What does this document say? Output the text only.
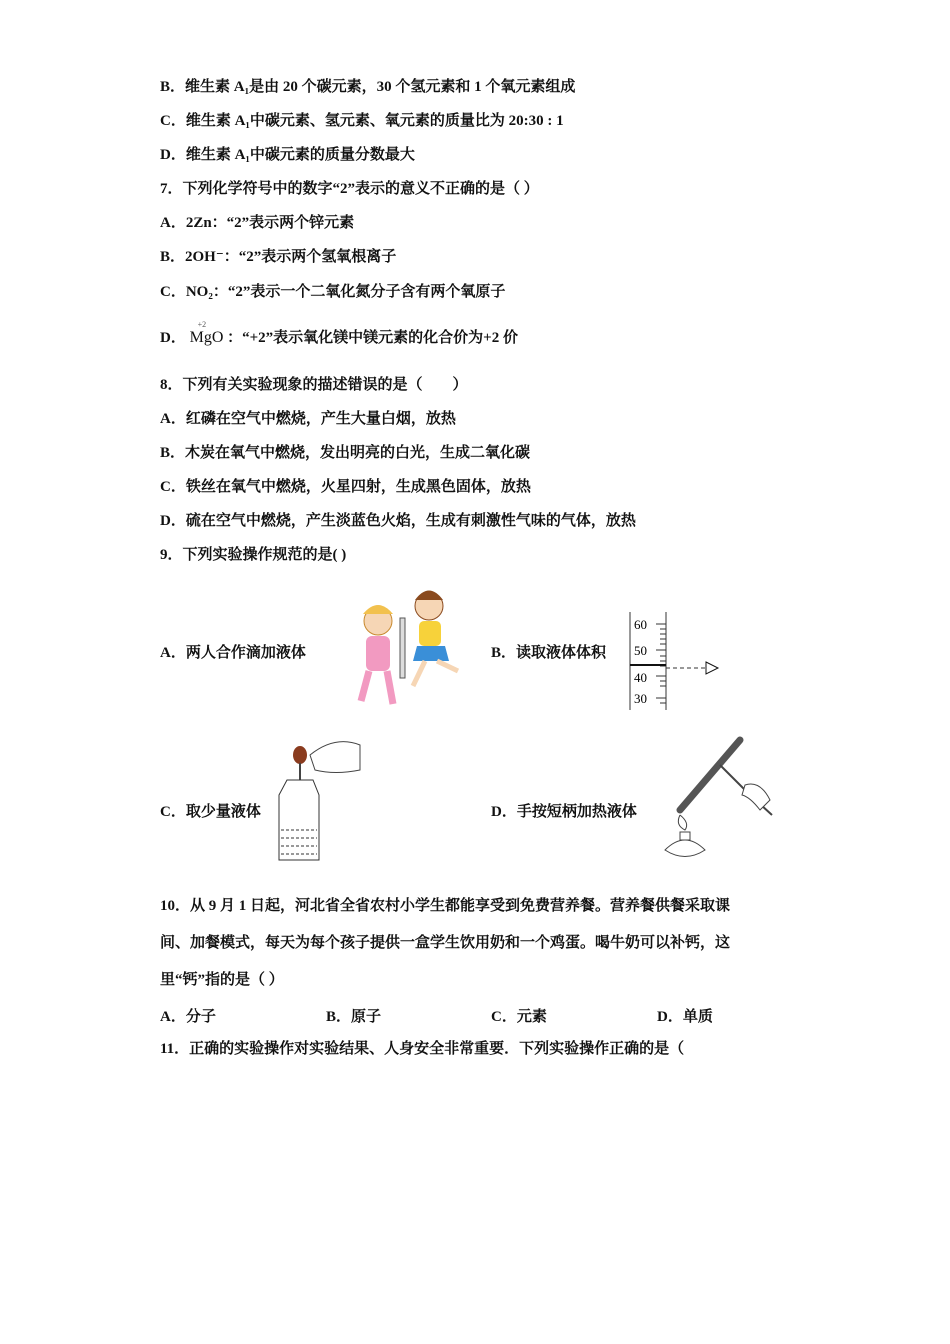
B．维生素 A₁是由 20 个碳元素，30 个氢元素和 1 个氧元素组成
C．维生素 A₁中碳元素、氢元素、氧元素的质量比为 20:30 : 1
D．维生素 A₁中碳元素的质量分数最大
7．下列化学符号中的数字“2”表示的意义不正确的是（ ）
A．2Zn：“2”表示两个锌元素
B．2OH⁻：“2”表示两个氢氧根离子
C．NO₂：“2”表示一个二氧化氮分子含有两个氧原子
D．
+2
MgO ：“+2”表示氧化镁中镁元素的化合价为+2 价
8．下列有关实验现象的描述错误的是（　　）
A．红磷在空气中燃烧，产生大量白烟，放热
B．木炭在氧气中燃烧，发出明亮的白光，生成二氧化碳
C．铁丝在氧气中燃烧，火星四射，生成黑色固体，放热
D．硫在空气中燃烧，产生淡蓝色火焰，生成有刺激性气味的气体，放热
9．下列实验操作规范的是( )
A．两人合作滴加液体	B．读取液体体积
60
50
40
30
C．取少量液体	D．手按短柄加热液体
10．从 9 月 1 日起，河北省全省农村小学生都能享受到免费营养餐。营养餐供餐采取课
间、加餐模式，每天为每个孩子提供一盒学生饮用奶和一个鸡蛋。喝牛奶可以补钙，这
里“钙”指的是（ ）
A．分子	B．原子	C．元素	D．单质
11．正确的实验操作对实验结果、人身安全非常重要．下列实验操作正确的是（
